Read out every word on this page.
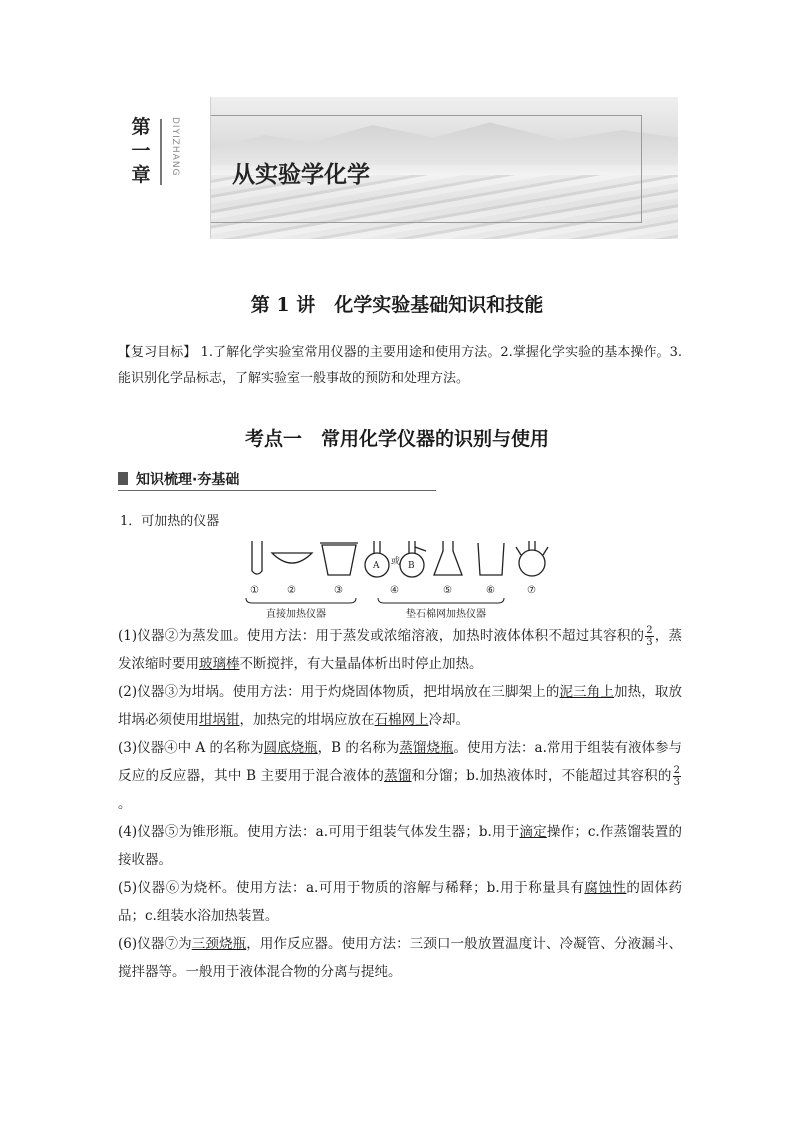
第
一
章 DIYIZHANG 从实验学化学
第 1 讲　化学实验基础知识和技能
【复习目标】 1.了解化学实验室常用仪器的主要用途和使用方法。2.掌握化学实验的基本操作。3.能识别化学品标志，了解实验室一般事故的预防和处理方法。
考点一　常用化学仪器的识别与使用
知识梳理·夯基础
1．可加热的仪器
A	B
或
①	②	③	④	⑤	⑥	⑦
直接加热仪器	垫石棉网加热仪器

(1)仪器②为蒸发皿。使用方法：用于蒸发或浓缩溶液，加热时液体体积不超过其容积的 $\frac{2}{3}$ ，蒸发浓缩时要用玻璃棒不断搅拌，有大量晶体析出时停止加热。

(2)仪器③为坩埚。使用方法：用于灼烧固体物质，把坩埚放在三脚架上的泥三角上加热，取放坩埚必须使用坩埚钳，加热完的坩埚应放在石棉网上冷却。

(3)仪器④中 A 的名称为圆底烧瓶，B 的名称为蒸馏烧瓶。使用方法：a.常用于组装有液体参与反应的反应器，其中 B 主要用于混合液体的蒸馏和分馏；b.加热液体时，不能超过其容积的 $\frac{2}{3}$
。

(4)仪器⑤为锥形瓶。使用方法：a.可用于组装气体发生器；b.用于滴定操作；c.作蒸馏装置的接收器。

(5)仪器⑥为烧杯。使用方法：a.可用于物质的溶解与稀释；b.用于称量具有腐蚀性的固体药品；c.组装水浴加热装置。

(6)仪器⑦为三颈烧瓶，用作反应器。使用方法：三颈口一般放置温度计、冷凝管、分液漏斗、搅拌器等。一般用于液体混合物的分离与提纯。
